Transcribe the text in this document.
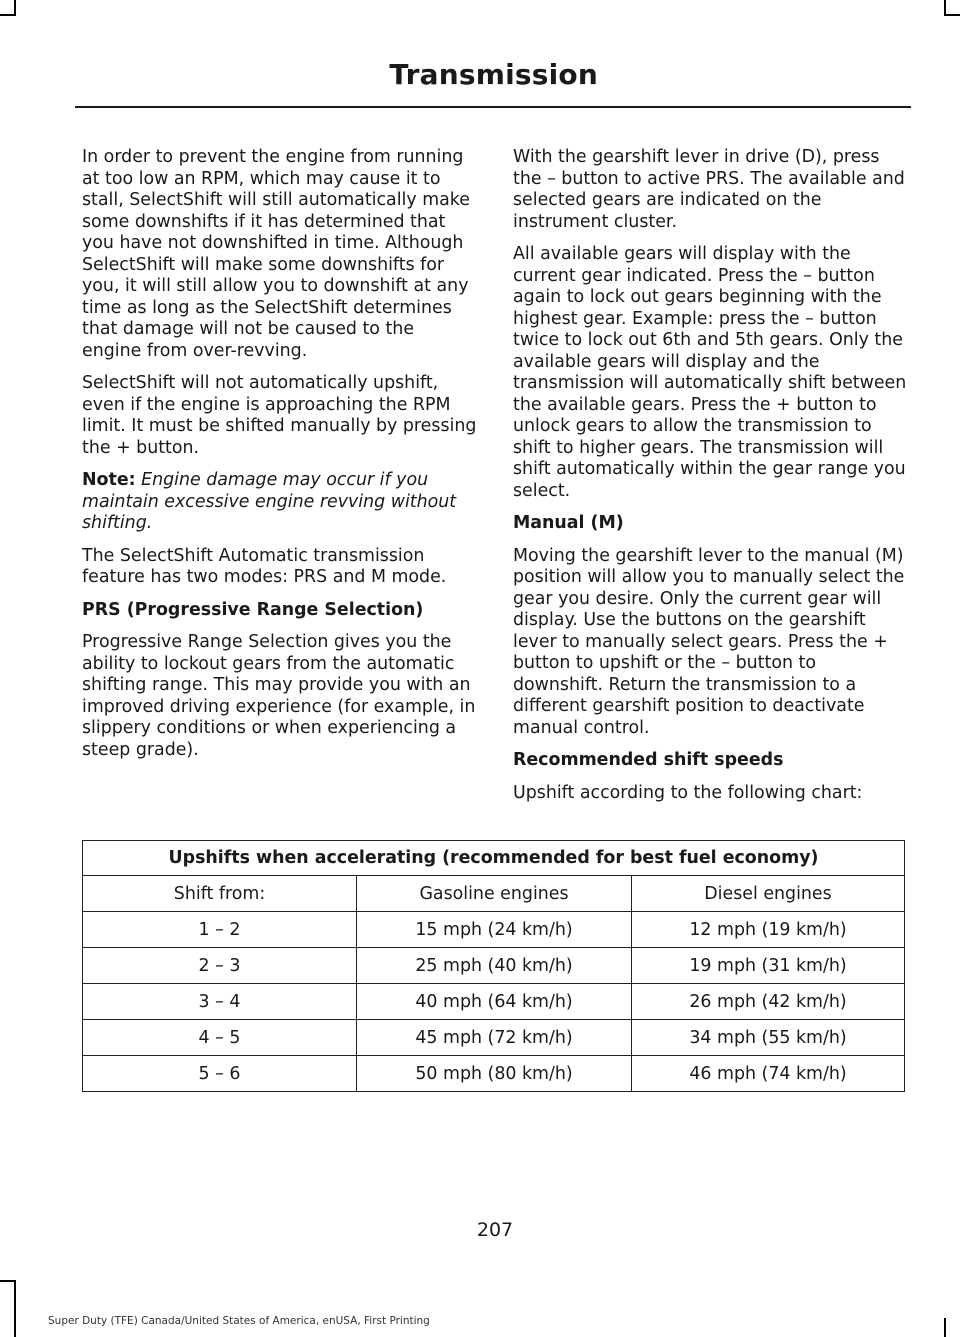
Transmission

In order to prevent the engine from running at too low an RPM, which may cause it to stall, SelectShift will still automatically make some downshifts if it has determined that you have not downshifted in time. Although SelectShift will make some downshifts for you, it will still allow you to downshift at any time as long as the SelectShift determines that damage will not be caused to the engine from over-revving.

SelectShift will not automatically upshift, even if the engine is approaching the RPM limit. It must be shifted manually by pressing the + button.

Note: Engine damage may occur if you maintain excessive engine revving without shifting.

The SelectShift Automatic transmission feature has two modes: PRS and M mode.

PRS (Progressive Range Selection)

Progressive Range Selection gives you the ability to lockout gears from the automatic shifting range. This may provide you with an improved driving experience (for example, in slippery conditions or when experiencing a steep grade).

With the gearshift lever in drive (D), press the – button to active PRS. The available and selected gears are indicated on the instrument cluster.

All available gears will display with the current gear indicated. Press the – button again to lock out gears beginning with the highest gear. Example: press the – button twice to lock out 6th and 5th gears. Only the available gears will display and the transmission will automatically shift between the available gears. Press the + button to unlock gears to allow the transmission to shift to higher gears. The transmission will shift automatically within the gear range you select.

Manual (M)

Moving the gearshift lever to the manual (M) position will allow you to manually select the gear you desire. Only the current gear will display. Use the buttons on the gearshift lever to manually select gears. Press the + button to upshift or the – button to downshift. Return the transmission to a different gearshift position to deactivate manual control.

Recommended shift speeds

Upshift according to the following chart:

Upshifts when accelerating (recommended for best fuel economy)		
Shift from:	Gasoline engines	Diesel engines
1 – 2	15 mph (24 km/h)	12 mph (19 km/h)
2 – 3	25 mph (40 km/h)	19 mph (31 km/h)
3 – 4	40 mph (64 km/h)	26 mph (42 km/h)
4 – 5	45 mph (72 km/h)	34 mph (55 km/h)
5 – 6	50 mph (80 km/h)	46 mph (74 km/h)
207
Super Duty (TFE) Canada/United States of America, enUSA, First Printing
